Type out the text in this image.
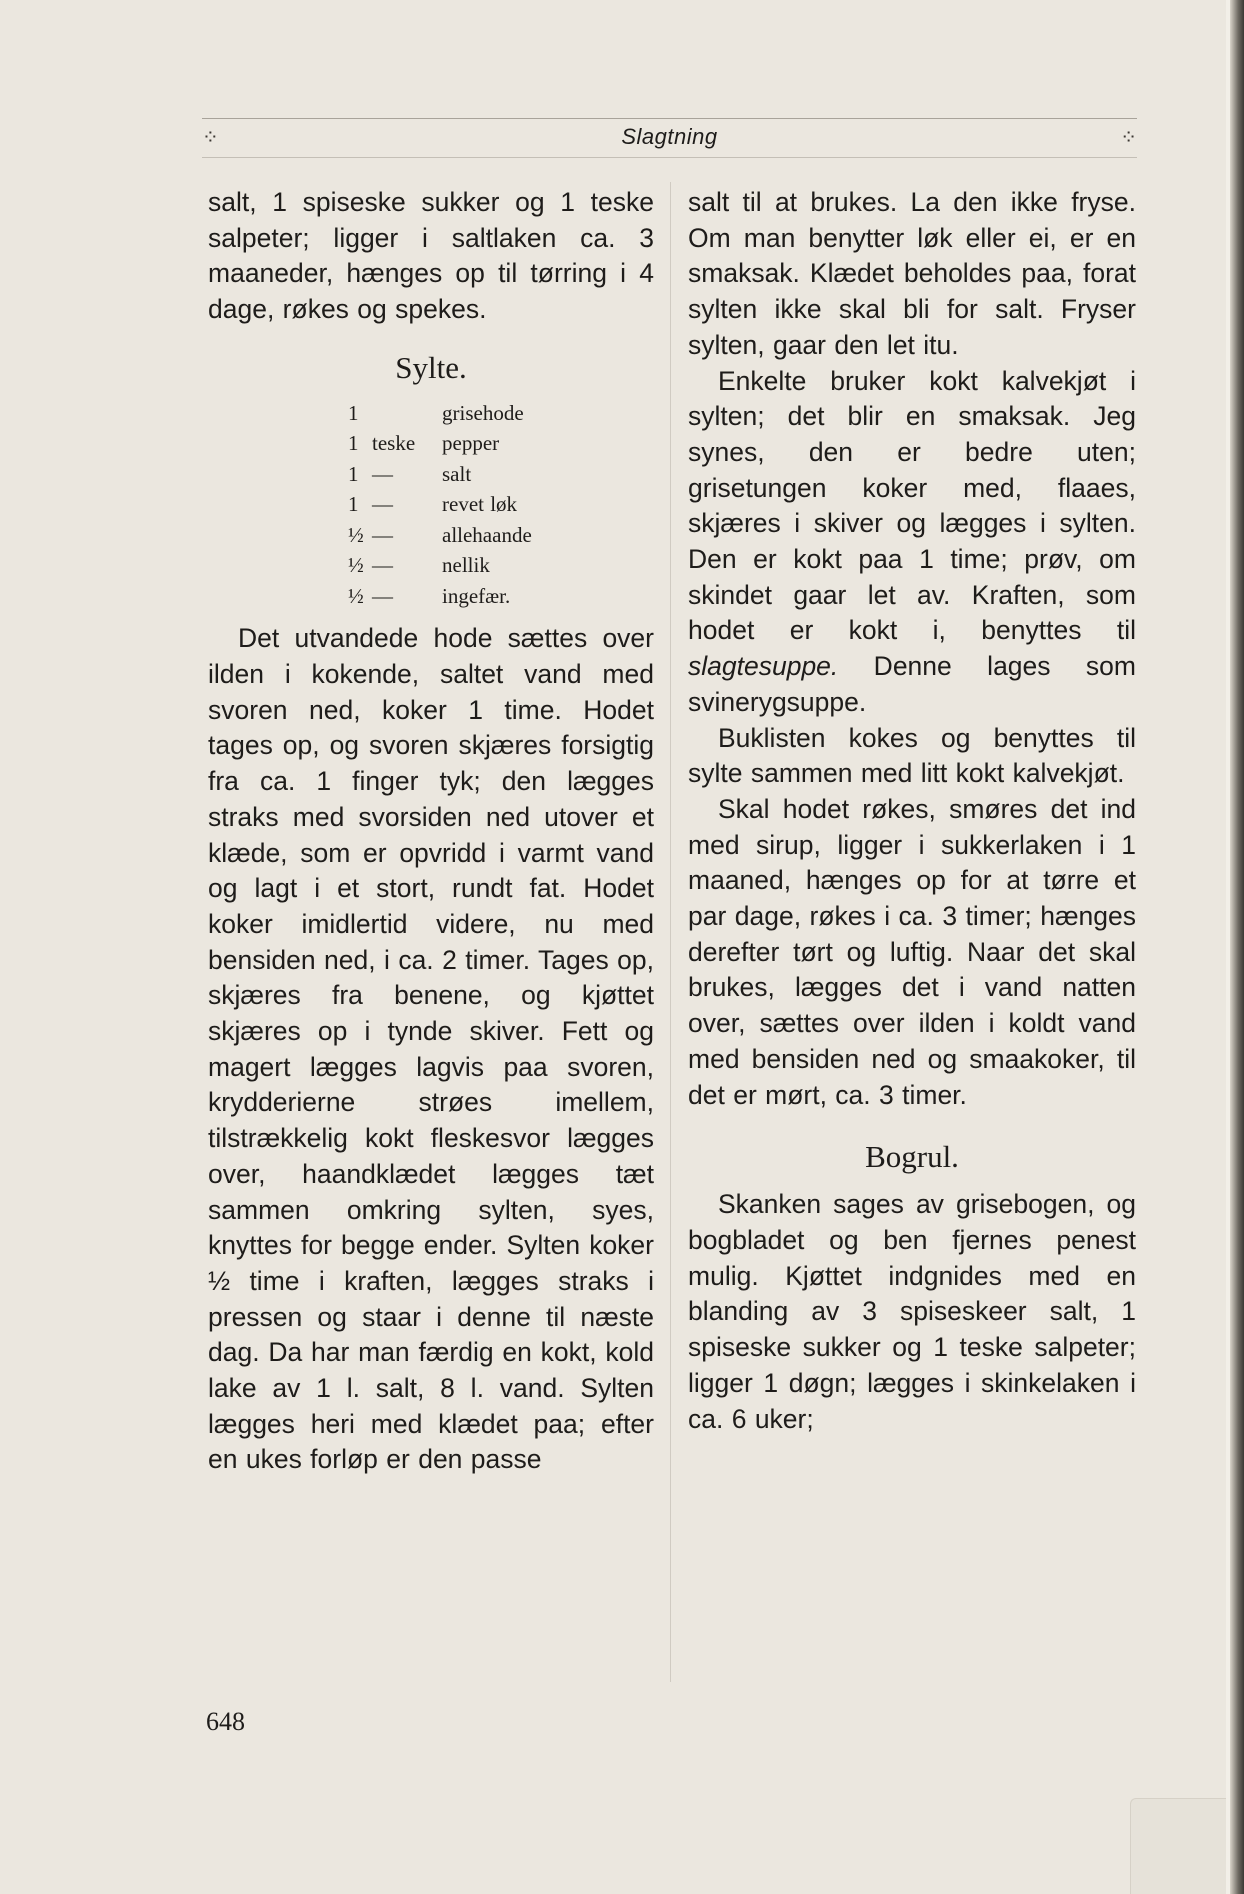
⁘	Slagtning	⁘

salt, 1 spiseske sukker og 1 teske salpeter; ligger i saltlaken ca. 3 maaneder, hænges op til tørring i 4 dage, røkes og spekes.

Sylte.
1	grisehode
1 teske	pepper
1 —	salt
1 —	revet løk
½ —	allehaande
½ —	nellik
½ —	ingefær.

Det utvandede hode sættes over ilden i kokende, saltet vand med svoren ned, koker 1 time. Hodet tages op, og svoren skjæres forsigtig fra ca. 1 finger tyk; den lægges straks med svorsiden ned utover et klæde, som er opvridd i varmt vand og lagt i et stort, rundt fat. Hodet koker imidlertid videre, nu med bensiden ned, i ca. 2 timer. Tages op, skjæres fra benene, og kjøttet skjæres op i tynde skiver. Fett og magert lægges lagvis paa svoren, krydderierne strøes imellem, tilstrækkelig kokt fleskesvor lægges over, haandklædet lægges tæt sammen omkring sylten, syes, knyttes for begge ender. Sylten koker ½ time i kraften, lægges straks i pressen og staar i denne til næste dag. Da har man færdig en kokt, kold lake av 1 l. salt, 8 l. vand. Sylten lægges heri med klædet paa; efter en ukes forløp er den passe

salt til at brukes. La den ikke fryse. Om man benytter løk eller ei, er en smaksak. Klædet beholdes paa, forat sylten ikke skal bli for salt. Fryser sylten, gaar den let itu.

Enkelte bruker kokt kalvekjøt i sylten; det blir en smaksak. Jeg synes, den er bedre uten; grisetungen koker med, flaaes, skjæres i skiver og lægges i sylten. Den er kokt paa 1 time; prøv, om skindet gaar let av. Kraften, som hodet er kokt i, benyttes til slagtesuppe. Denne lages som svinerygsuppe.

Buklisten kokes og benyttes til sylte sammen med litt kokt kalvekjøt.

Skal hodet røkes, smøres det ind med sirup, ligger i sukkerlaken i 1 maaned, hænges op for at tørre et par dage, røkes i ca. 3 timer; hænges derefter tørt og luftig. Naar det skal brukes, lægges det i vand natten over, sættes over ilden i koldt vand med bensiden ned og smaakoker, til det er mørt, ca. 3 timer.

Bogrul.

Skanken sages av grisebogen, og bogbladet og ben fjernes penest mulig. Kjøttet indgnides med en blanding av 3 spiseskeer salt, 1 spiseske sukker og 1 teske salpeter; ligger 1 døgn; lægges i skinkelaken i ca. 6 uker;

648
